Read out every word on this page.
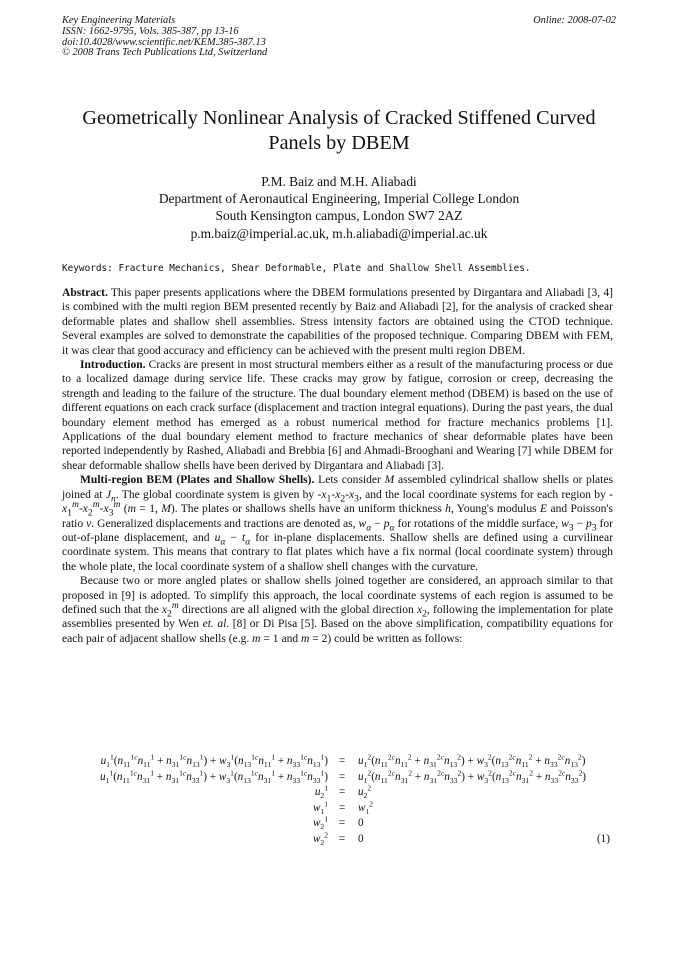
Key Engineering Materials
ISSN: 1662-9795, Vols. 385-387, pp 13-16
doi:10.4028/www.scientific.net/KEM.385-387.13
© 2008 Trans Tech Publications Ltd, Switzerland
Online: 2008-07-02
Geometrically Nonlinear Analysis of Cracked Stiffened Curved
Panels by DBEM
P.M. Baiz and M.H. Aliabadi
Department of Aeronautical Engineering, Imperial College London
South Kensington campus, London SW7 2AZ
p.m.baiz@imperial.ac.uk, m.h.aliabadi@imperial.ac.uk
Keywords: Fracture Mechanics, Shear Deformable, Plate and Shallow Shell Assemblies.

Abstract. This paper presents applications where the DBEM formulations presented by Dirgantara and Aliabadi [3, 4] is combined with the multi region BEM presented recently by Baiz and Aliabadi [2], for the analysis of cracked shear deformable plates and shallow shell assemblies. Stress intensity factors are obtained using the CTOD technique. Several examples are solved to demonstrate the capabilities of the proposed technique. Comparing DBEM with FEM, it was clear that good accuracy and efficiency can be achieved with the present multi region DBEM.

Introduction. Cracks are present in most structural members either as a result of the manufacturing process or due to a localized damage during service life. These cracks may grow by fatigue, corrosion or creep, decreasing the strength and leading to the failure of the structure. The dual boundary element method (DBEM) is based on the use of different equations on each crack surface (displacement and traction integral equations). During the past years, the dual boundary element method has emerged as a robust numerical method for fracture mechanics problems [1]. Applications of the dual boundary element method to fracture mechanics of shear deformable plates have been reported independently by Rashed, Aliabadi and Brebbia [6] and Ahmadi-Brooghani and Wearing [7] while DBEM for shear deformable shallow shells have been derived by Dirgantara and Aliabadi [3].

Multi-region BEM (Plates and Shallow Shells). Lets consider M assembled cylindrical shallow shells or plates joined at $J_n$. The global coordinate system is given by $-x_1-x_2-x_3$, and the local coordinate systems for each region by $-x_1^m-x_2^m-x_3^m$ (m = 1, M). The plates or shallows shells have an uniform thickness h, Young's modulus E and Poisson's ratio ν. Generalized displacements and tractions are denoted as, $w_\alpha - p_\alpha$ for rotations of the middle surface, $w_3 - p_3$ for out-of-plane displacement, and $u_\alpha - t_\alpha$ for in-plane displacements. Shallow shells are defined using a curvilinear coordinate system. This means that contrary to flat plates which have a fix normal (local coordinate system) through the whole plate, the local coordinate system of a shallow shell changes with the curvature.

Because two or more angled plates or shallow shells joined together are considered, an approach similar to that proposed in [9] is adopted. To simplify this approach, the local coordinate systems of each region is assumed to be defined such that the $x_2^m$ directions are all aligned with the global direction $x_2$, following the implementation for plate assemblies presented by Wen et. al. [8] or Di Pisa [5]. Based on the above simplification, compatibility equations for each pair of adjacent shallow shells (e.g. m = 1 and m = 2) could be written as follows:

$u_1^1(n_{11}^{1c}n_{11}^1 + n_{31}^{1c}n_{13}^1) + w_3^1(n_{13}^{1c}n_{11}^1 + n_{33}^{1c}n_{13}^1) = u_1^2(n_{11}^{2c}n_{11}^2 + n_{31}^{2c}n_{13}^2) + w_3^2(n_{13}^{2c}n_{11}^2 + n_{33}^{2c}n_{13}^2)$
$u_1^1(n_{11}^{1c}n_{31}^1 + n_{31}^{1c}n_{33}^1) + w_3^1(n_{13}^{1c}n_{31}^1 + n_{33}^{1c}n_{33}^1) = u_1^2(n_{11}^{2c}n_{31}^2 + n_{31}^{2c}n_{33}^2) + w_3^2(n_{13}^{2c}n_{31}^2 + n_{33}^{2c}n_{33}^2)$
$u_2^1 = u_2^2$
$w_1^1 = w_1^2$
$w_2^1 = 0$
$w_2^2 = 0$	(1)
